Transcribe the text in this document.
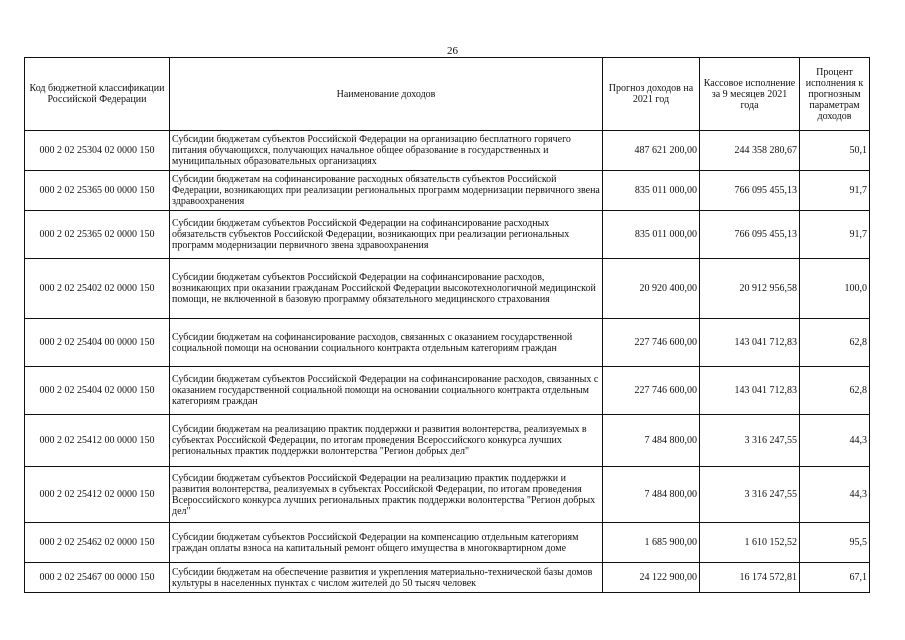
26
Код бюджетной классификации Российской Федерации	Наименование доходов	Прогноз доходов на 2021 год	Кассовое исполнение за 9 месяцев 2021 года	Процент исполнения к прогнозным параметрам доходов
000 2 02 25304 02 0000 150	Субсидии бюджетам субъектов Российской Федерации на организацию бесплатного горячего питания обучающихся, получающих начальное общее образование в государственных и муниципальных образовательных организациях	487 621 200,00	244 358 280,67	50,1
000 2 02 25365 00 0000 150	Субсидии бюджетам на софинансирование расходных обязательств субъектов Российской Федерации, возникающих при реализации региональных программ модернизации первичного звена здравоохранения	835 011 000,00	766 095 455,13	91,7
000 2 02 25365 02 0000 150	Субсидии бюджетам субъектов Российской Федерации на софинансирование расходных обязательств субъектов Российской Федерации, возникающих при реализации региональных программ модернизации первичного звена здравоохранения	835 011 000,00	766 095 455,13	91,7
000 2 02 25402 02 0000 150	Субсидии бюджетам субъектов Российской Федерации на софинансирование расходов, возникающих при оказании гражданам Российской Федерации высокотехнологичной медицинской помощи, не включенной в базовую программу обязательного медицинского страхования	20 920 400,00	20 912 956,58	100,0
000 2 02 25404 00 0000 150	Субсидии бюджетам на софинансирование расходов, связанных с оказанием государственной социальной помощи на основании социального контракта отдельным категориям граждан	227 746 600,00	143 041 712,83	62,8
000 2 02 25404 02 0000 150	Субсидии бюджетам субъектов Российской Федерации на софинансирование расходов, связанных с оказанием государственной социальной помощи на основании социального контракта отдельным категориям граждан	227 746 600,00	143 041 712,83	62,8
000 2 02 25412 00 0000 150	Субсидии бюджетам на реализацию практик поддержки и развития волонтерства, реализуемых в субъектах Российской Федерации, по итогам проведения Всероссийского конкурса лучших региональных практик поддержки волонтерства "Регион добрых дел"	7 484 800,00	3 316 247,55	44,3
000 2 02 25412 02 0000 150	Субсидии бюджетам субъектов Российской Федерации на реализацию практик поддержки и развития волонтерства, реализуемых в субъектах Российской Федерации, по итогам проведения Всероссийского конкурса лучших региональных практик поддержки волонтерства "Регион добрых дел"	7 484 800,00	3 316 247,55	44,3
000 2 02 25462 02 0000 150	Субсидии бюджетам субъектов Российской Федерации на компенсацию отдельным категориям граждан оплаты взноса на капитальный ремонт общего имущества в многоквартирном доме	1 685 900,00	1 610 152,52	95,5
000 2 02 25467 00 0000 150	Субсидии бюджетам на обеспечение развития и укрепления материально-технической базы домов культуры в населенных пунктах с числом жителей до 50 тысяч человек	24 122 900,00	16 174 572,81	67,1
